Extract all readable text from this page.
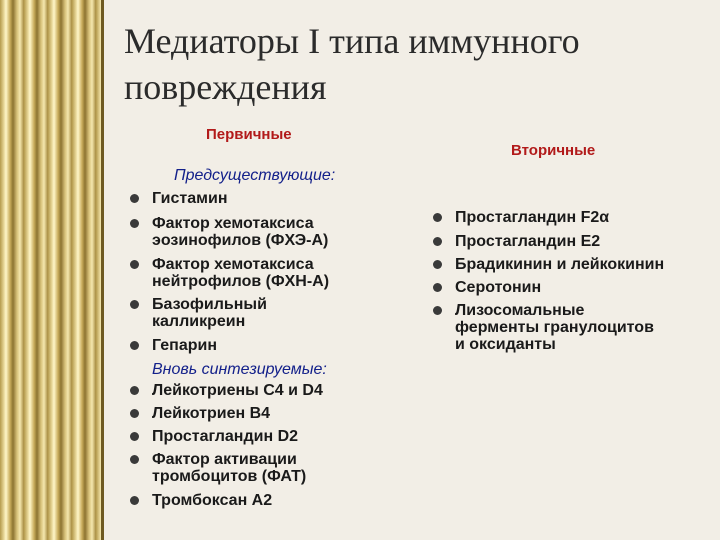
Медиаторы I типа иммунного
повреждения
Первичные
Вторичные
Предсуществующие:
Гистамин
Фактор хемотаксиса
эозинофилов (ФХЭ-А)
Фактор хемотаксиса
нейтрофилов (ФХН-А)
Базофильный
калликреин
Гепарин
Вновь синтезируемые:
Лейкотриены С4 и D4
Лейкотриен В4
Простагландин D2
Фактор активации
тромбоцитов (ФАТ)
Тромбоксан А2
Простагландин F2α
Простагландин Е2
Брадикинин и лейкокинин
Серотонин
Лизосомальные
ферменты гранулоцитов
и оксиданты
